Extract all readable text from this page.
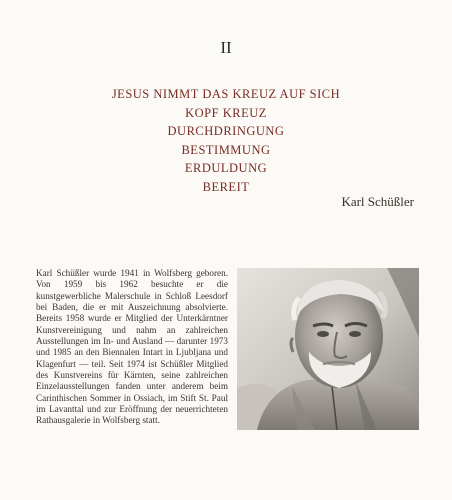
II
JESUS NIMMT DAS KREUZ AUF SICH
KOPF KREUZ
DURCHDRINGUNG
BESTIMMUNG
ERDULDUNG
BEREIT
Karl Schüßler

Karl Schüßler wurde 1941 in Wolfsberg geboren. Von 1959 bis 1962 besuchte er die kunstgewerbliche Malerschule in Schloß Leesdorf bei Baden, die er mit Auszeichnung absolvierte. Bereits 1958 wurde er Mitglied der Unterkärntner Kunstvereinigung und nahm an zahlreichen Ausstellungen im In- und Ausland — darunter 1973 und 1985 an den Biennalen Intart in Ljubljana und Klagenfurt — teil. Seit 1974 ist Schüßler Mitglied des Kunstvereins für Kärnten, seine zahlreichen Einzelausstellungen fanden unter anderem beim Carinthischen Sommer in Ossiach, im Stift St. Paul im Lavanttal und zur Eröffnung der neuerrichteten Rathausgalerie in Wolfsberg statt.
